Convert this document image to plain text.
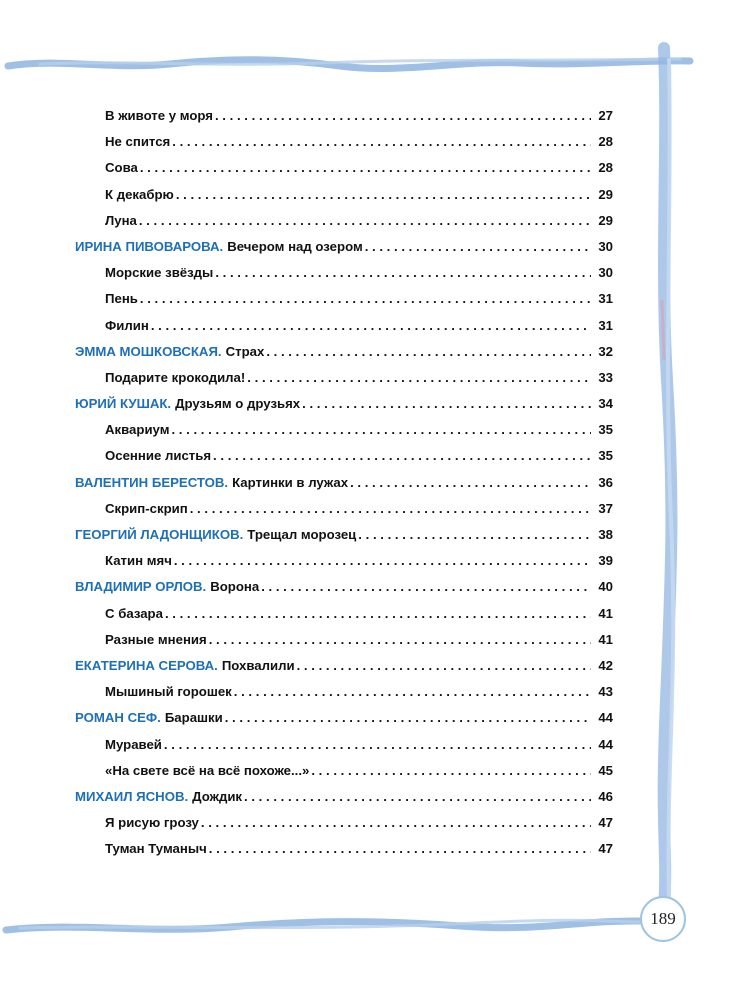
В животе у моря . . .	27
Не спится . . .	28
Сова . . .	28
К декабрю . . .	29
Луна . . .	29
ИРИНА ПИВОВАРОВА. Вечером над озером . . .	30
Морские звёзды . . .	30
Пень . . .	31
Филин . . .	31
ЭММА МОШКОВСКАЯ. Страх . . .	32
Подарите крокодила! . . .	33
ЮРИЙ КУШАК. Друзьям о друзьях . . .	34
Аквариум . . .	35
Осенние листья . . .	35
ВАЛЕНТИН БЕРЕСТОВ. Картинки в лужах . . .	36
Скрип-скрип . . .	37
ГЕОРГИЙ ЛАДОНЩИКОВ. Трещал морозец . . .	38
Катин мяч . . .	39
ВЛАДИМИР ОРЛОВ. Ворона . . .	40
С базара . . .	41
Разные мнения . . .	41
ЕКАТЕРИНА СЕРОВА. Похвалили . . .	42
Мышиный горошек . . .	43
РОМАН СЕФ. Барашки . . .	44
Муравей . . .	44
«На свете всё на всё похоже...» . . .	45
МИХАИЛ ЯСНОВ. Дождик . . .	46
Я рисую грозу . . .	47
Туман Туманыч . . .	47
189
